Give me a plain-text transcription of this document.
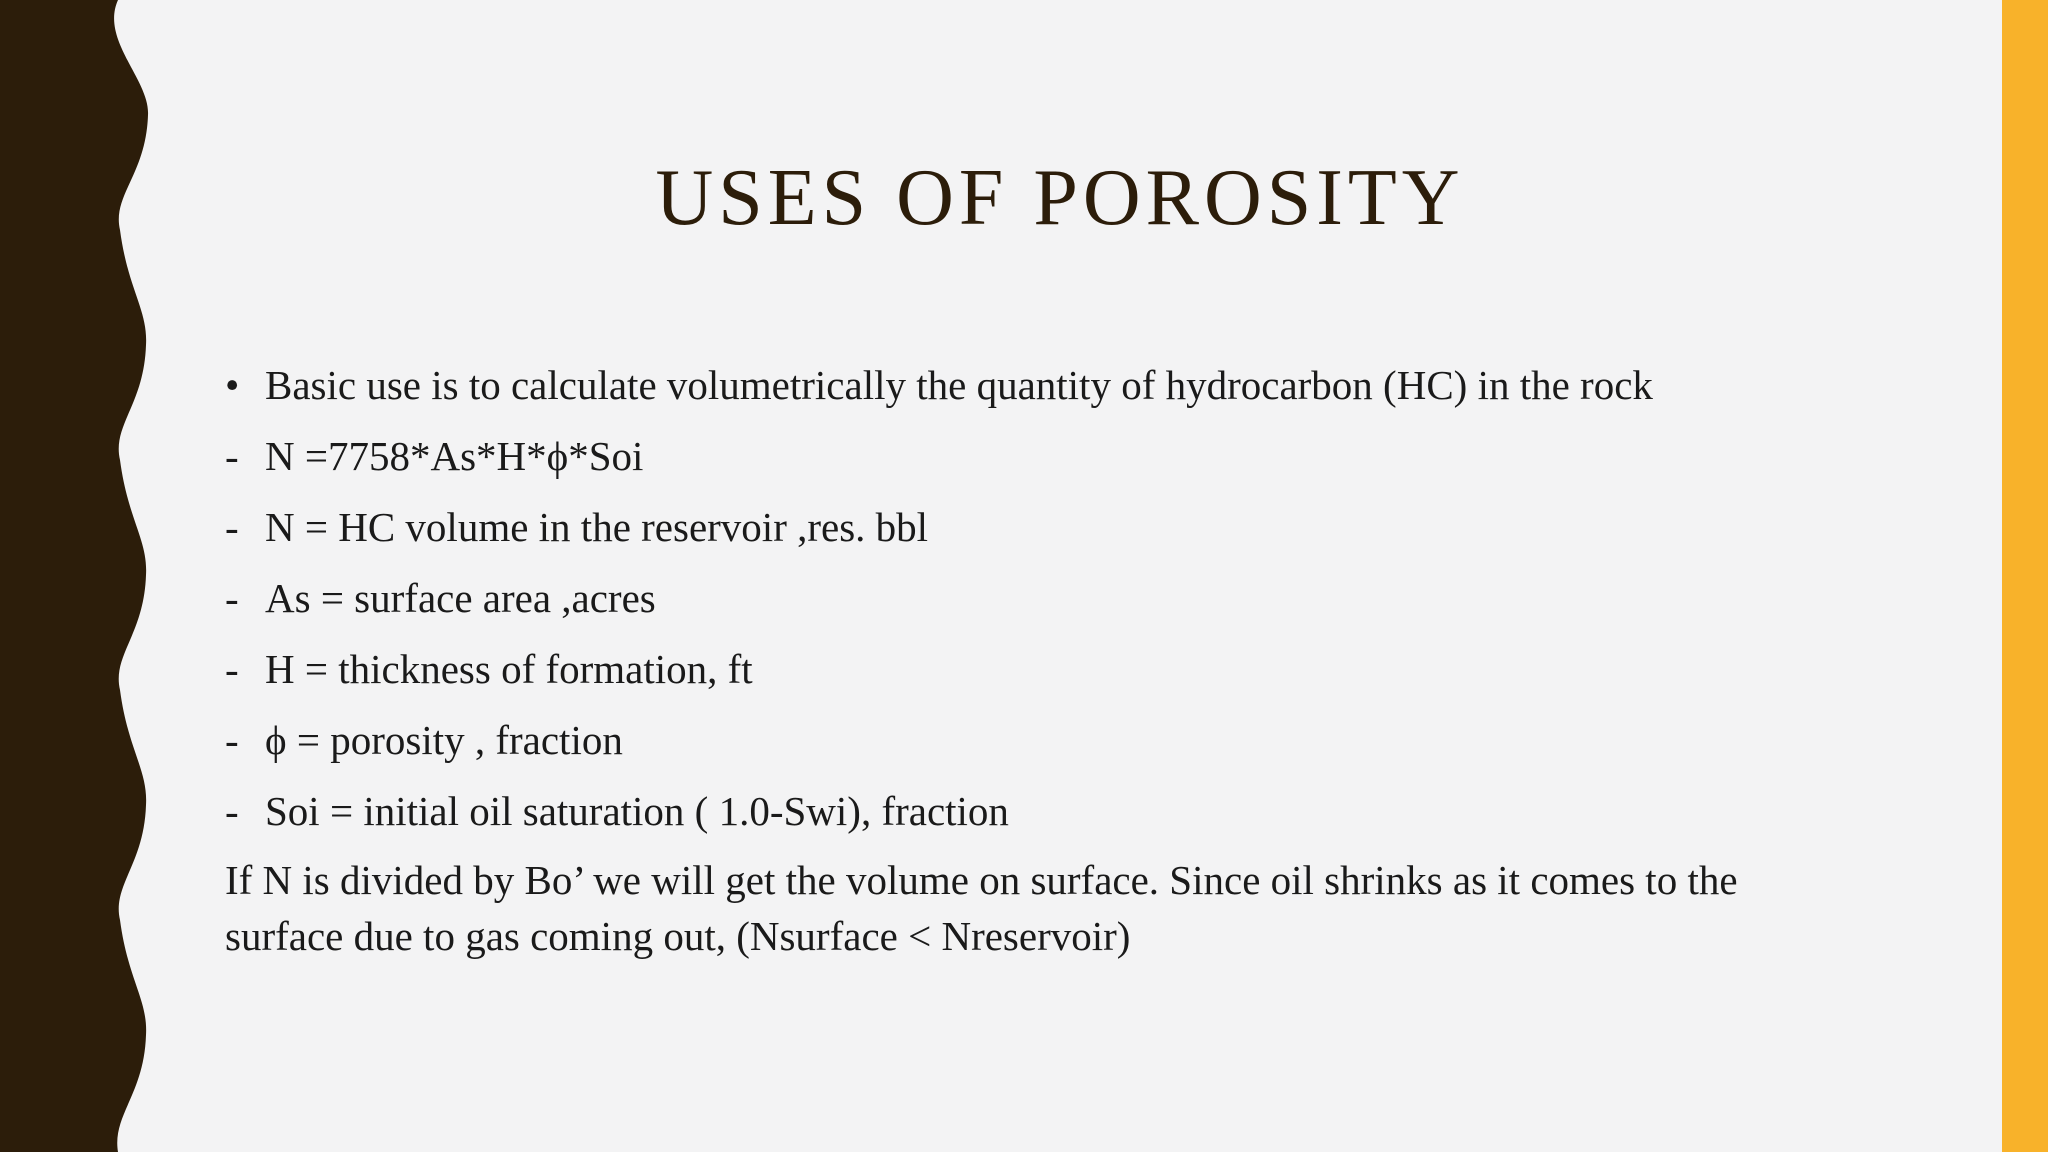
USES OF POROSITY
• Basic use is to calculate volumetrically the quantity of hydrocarbon (HC) in the rock
- N =7758*As*H*ϕ*Soi
- N = HC volume in the reservoir ,res. bbl
- As = surface area ,acres
- H = thickness of formation, ft
- ϕ = porosity , fraction
- Soi = initial oil saturation ( 1.0-Swi), fraction
If N is divided by Bo’ we will get the volume on surface. Since oil shrinks as it comes to the surface due to gas coming out, (Nsurface < Nreservoir)
